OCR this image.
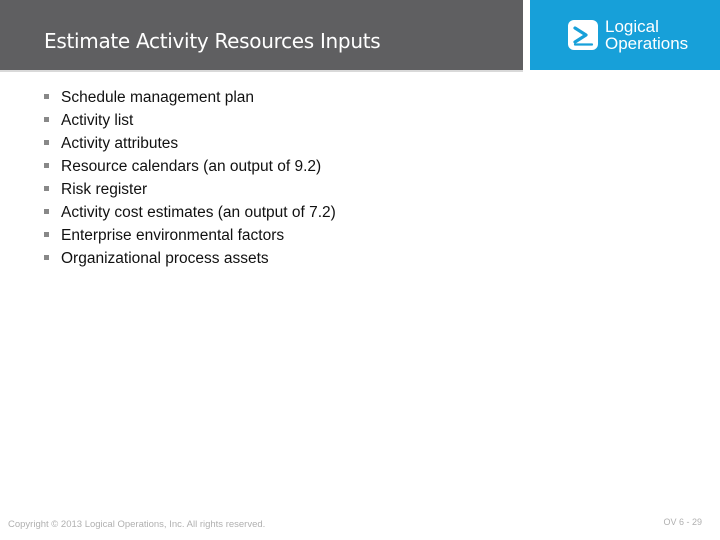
Estimate Activity Resources Inputs
Logical
Operations
Schedule management plan
Activity list
Activity attributes
Resource calendars (an output of 9.2)
Risk register
Activity cost estimates (an output of 7.2)
Enterprise environmental factors
Organizational process assets
Copyright © 2013 Logical Operations, Inc. All rights reserved.	OV 6 - 29
